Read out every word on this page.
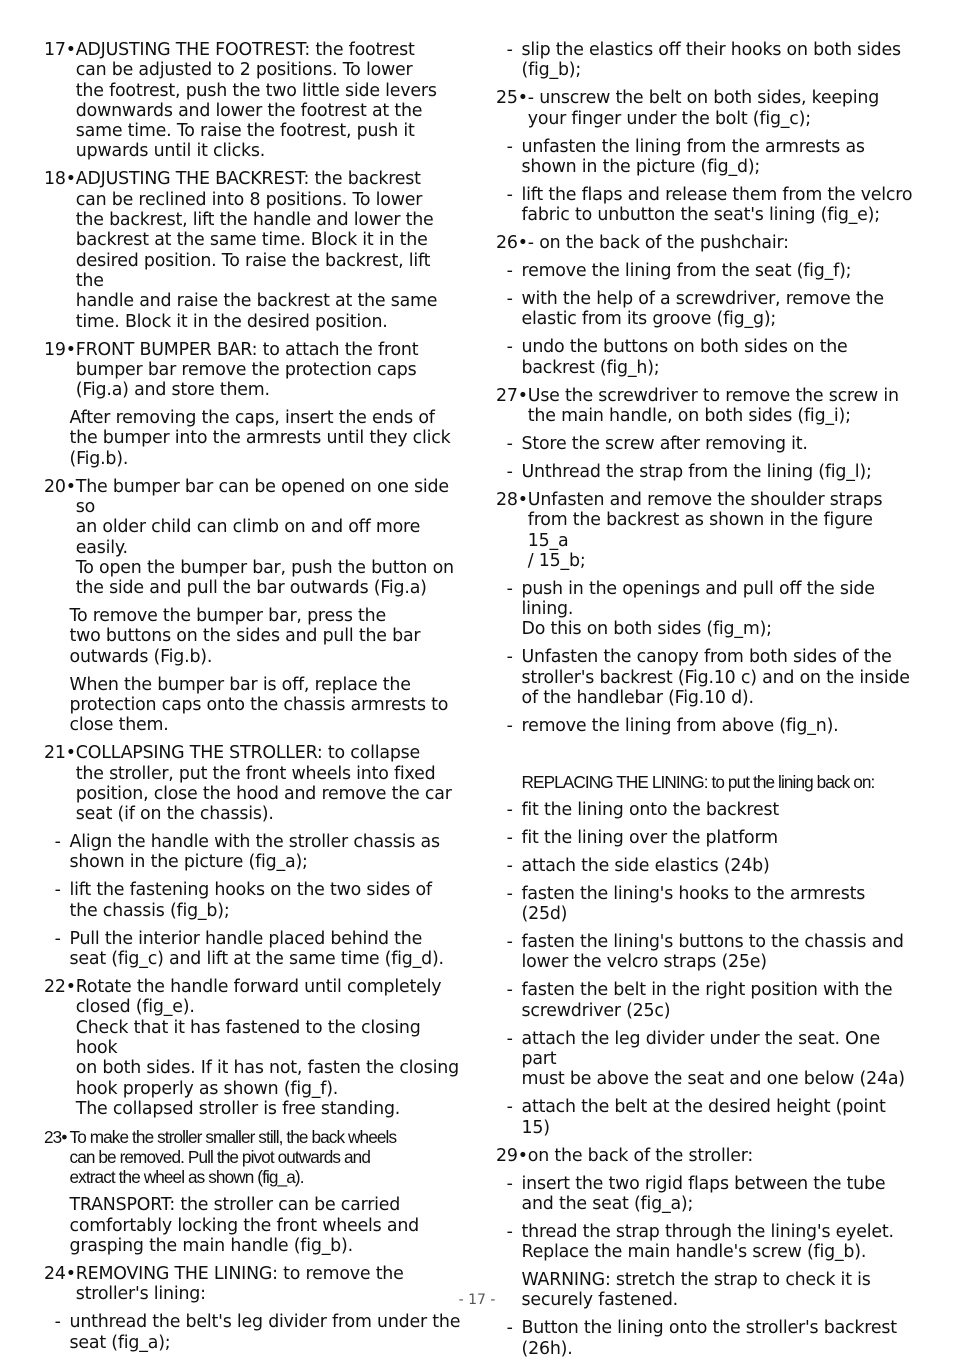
17• ADJUSTING THE FOOTREST: the footrest
can be adjusted to 2 positions. To lower
the footrest, push the two little side levers
downwards and lower the footrest at the
same time. To raise the footrest, push it
upwards until it clicks.
18• ADJUSTING THE BACKREST: the backrest
can be reclined into 8 positions. To lower
the backrest, lift the handle and lower the
backrest at the same time. Block it in the
desired position. To raise the backrest, lift the
handle and raise the backrest at the same
time. Block it in the desired position.
19• FRONT BUMPER BAR: to attach the front
bumper bar remove the protection caps
(Fig.a) and store them.
After removing the caps, insert the ends of
the bumper into the armrests until they click
(Fig.b).
20• The bumper bar can be opened on one side so
an older child can climb on and off more easily.
To open the bumper bar, push the button on
the side and pull the bar outwards (Fig.a)
To remove the bumper bar, press the
two buttons on the sides and pull the bar
outwards (Fig.b).
When the bumper bar is off, replace the
protection caps onto the chassis armrests to
close them.
21• COLLAPSING THE STROLLER: to collapse
the stroller, put the front wheels into fixed
position, close the hood and remove the car
seat (if on the chassis).
- Align the handle with the stroller chassis as
shown in the picture (fig_a);
- lift the fastening hooks on the two sides of
the chassis (fig_b);
- Pull the interior handle placed behind the
seat (fig_c) and lift at the same time (fig_d).
22• Rotate the handle forward until completely
closed (fig_e).
Check that it has fastened to the closing hook
on both sides. If it has not, fasten the closing
hook properly as shown (fig_f).
The collapsed stroller is free standing.
23• To make the stroller smaller still, the back wheels
can be removed. Pull the pivot outwards and
extract the wheel as shown (fig_a).
TRANSPORT: the stroller can be carried
comfortably locking the front wheels and
grasping the main handle (fig_b).
24• REMOVING THE LINING: to remove the
stroller's lining:
- unthread the belt's leg divider from under the
seat (fig_a);
- slip the elastics off their hooks on both sides
(fig_b);
25• - unscrew the belt on both sides, keeping
your finger under the bolt (fig_c);
- unfasten the lining from the armrests as
shown in the picture (fig_d);
- lift the flaps and release them from the velcro
fabric to unbutton the seat's lining (fig_e);
26• - on the back of the pushchair:
- remove the lining from the seat (fig_f);
- with the help of a screwdriver, remove the
elastic from its groove (fig_g);
- undo the buttons on both sides on the
backrest (fig_h);
27• Use the screwdriver to remove the screw in
the main handle, on both sides (fig_i);
- Store the screw after removing it.
- Unthread the strap from the lining (fig_l);
28• Unfasten and remove the shoulder straps
from the backrest as shown in the figure 15_a
/ 15_b;
- push in the openings and pull off the side
lining.
Do this on both sides (fig_m);
- Unfasten the canopy from both sides of the
stroller's backrest (Fig.10 c) and on the inside
of the handlebar (Fig.10 d).
- remove the lining from above (fig_n).
REPLACING THE LINING: to put the lining back on:
- fit the lining onto the backrest
- fit the lining over the platform
- attach the side elastics (24b)
- fasten the lining's hooks to the armrests (25d)
- fasten the lining's buttons to the chassis and
lower the velcro straps (25e)
- fasten the belt in the right position with the
screwdriver (25c)
- attach the leg divider under the seat. One part
must be above the seat and one below (24a)
- attach the belt at the desired height (point 15)
29• on the back of the stroller:
- insert the two rigid flaps between the tube
and the seat (fig_a);
- thread the strap through the lining's eyelet.
Replace the main handle's screw (fig_b).
WARNING: stretch the strap to check it is
securely fastened.
- Button the lining onto the stroller's backrest
(26h).
- 17 -
